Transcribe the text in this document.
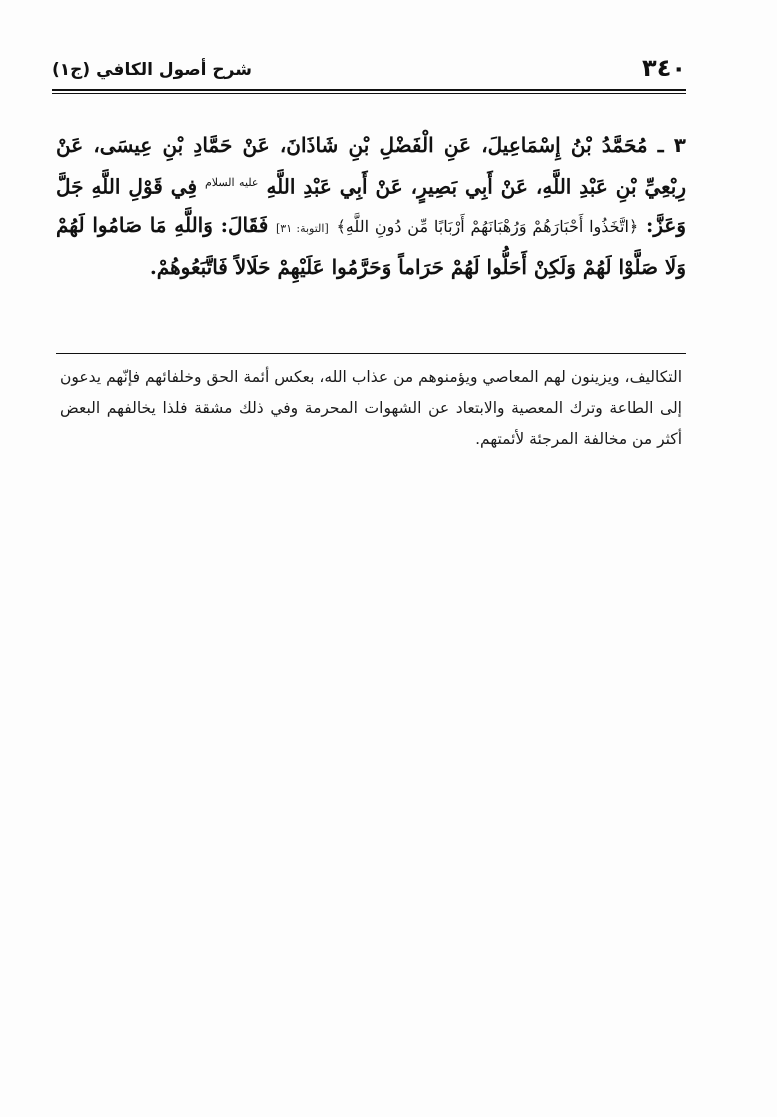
٣٤٠
شرح أصول الكافي (ج١)
٣ ـ مُحَمَّدُ بْنُ إِسْمَاعِيلَ، عَنِ الْفَضْلِ بْنِ شَاذَانَ، عَنْ حَمَّادِ بْنِ عِيسَى، عَنْ رِبْعِيِّ بْنِ عَبْدِ اللَّهِ، عَنْ أَبِي بَصِيرٍ، عَنْ أَبِي عَبْدِ اللَّهِ $^{عليه السلام}$ فِي قَوْلِ اللَّهِ جَلَّ وَعَزَّ: ﴿اتَّخَذُوا أَحْبَارَهُمْ وَرُهْبَانَهُمْ أَرْبَابًا مِّن دُونِ اللَّهِ﴾ [التوبة: ٣١] فَقَالَ: وَاللَّهِ مَا صَامُوا لَهُمْ وَلَا صَلَّوْا لَهُمْ وَلَكِنْ أَحَلُّوا لَهُمْ حَرَاماً وَحَرَّمُوا عَلَيْهِمْ حَلَالاً فَاتَّبَعُوهُمْ.
التكاليف، ويزينون لهم المعاصي ويؤمنوهم من عذاب الله، بعكس أئمة الحق وخلفائهم فإنّهم يدعون إلى الطاعة وترك المعصية والابتعاد عن الشهوات المحرمة وفي ذلك مشقة فلذا يخالفهم البعض أكثر من مخالفة المرجئة لأئمتهم.
